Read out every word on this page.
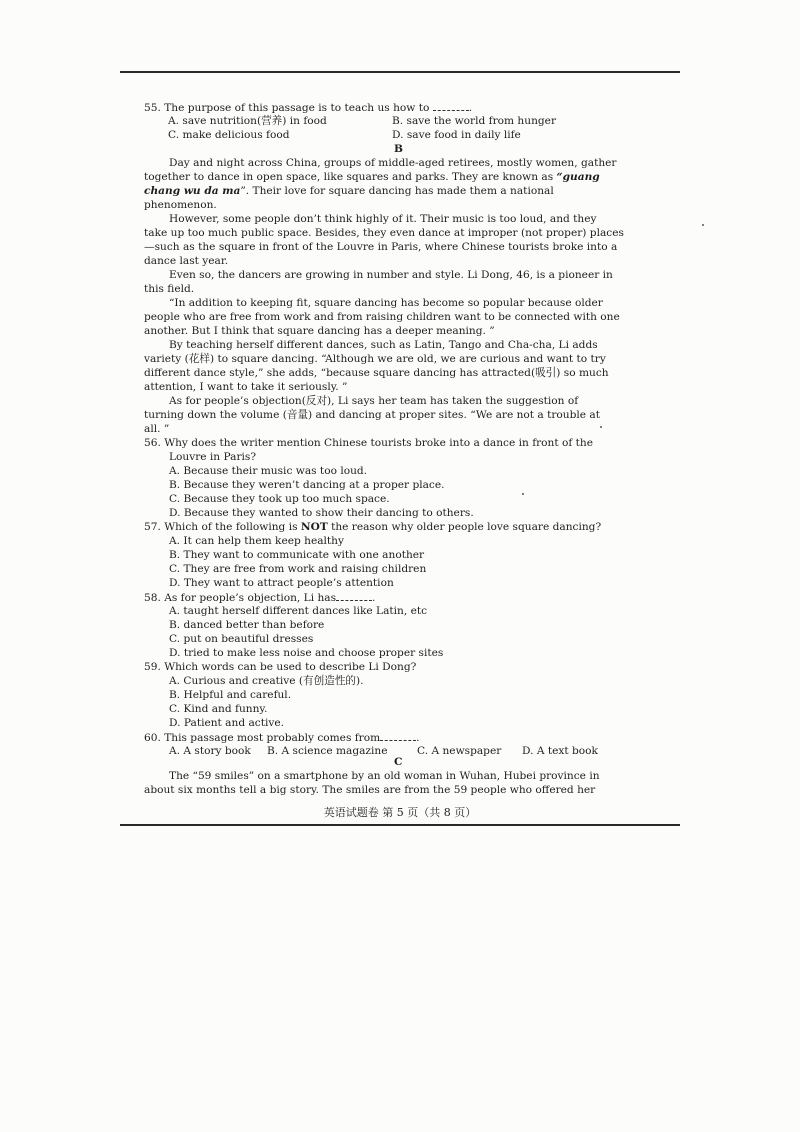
55. The purpose of this passage is to teach us how to	.
A. save nutrition(营养) in food	B. save the world from hunger
C. make delicious food	D. save food in daily life
B
Day and night across China, groups of middle-aged retirees, mostly women, gather
together to dance in open space, like squares and parks. They are known as “guang
chang wu da ma”. Their love for square dancing has made them a national
phenomenon.
However, some people don’t think highly of it. Their music is too loud, and they
take up too much public space. Besides, they even dance at improper (not proper) places
—such as the square in front of the Louvre in Paris, where Chinese tourists broke into a
dance last year.
Even so, the dancers are growing in number and style. Li Dong, 46, is a pioneer in
this field.
“In addition to keeping fit, square dancing has become so popular because older
people who are free from work and from raising children want to be connected with one
another. But I think that square dancing has a deeper meaning. ”
By teaching herself different dances, such as Latin, Tango and Cha-cha, Li adds
variety (花样) to square dancing. “Although we are old, we are curious and want to try
different dance style,” she adds, “because square dancing has attracted(吸引) so much
attention, I want to take it seriously. ”
As for people’s objection(反对), Li says her team has taken the suggestion of
turning down the volume (音量) and dancing at proper sites. “We are not a trouble at
all. ”
56. Why does the writer mention Chinese tourists broke into a dance in front of the
Louvre in Paris?
A. Because their music was too loud.
B. Because they weren’t dancing at a proper place.
C. Because they took up too much space.
D. Because they wanted to show their dancing to others.
57. Which of the following is NOT the reason why older people love square dancing?
A. It can help them keep healthy
B. They want to communicate with one another
C. They are free from work and raising children
D. They want to attract people’s attention
58. As for people’s objection, Li has	.
A. taught herself different dances like Latin, etc
B. danced better than before
C. put on beautiful dresses
D. tried to make less noise and choose proper sites
59. Which words can be used to describe Li Dong?
A. Curious and creative (有创造性的).
B. Helpful and careful.
C. Kind and funny.
D. Patient and active.
60. This passage most probably comes from	.
A. A story book B. A science magazine	C. A newspaper D. A text book
C
The “59 smiles” on a smartphone by an old woman in Wuhan, Hubei province in
about six months tell a big story. The smiles are from the 59 people who offered her
英语试题卷 第 5 页（共 8 页）
